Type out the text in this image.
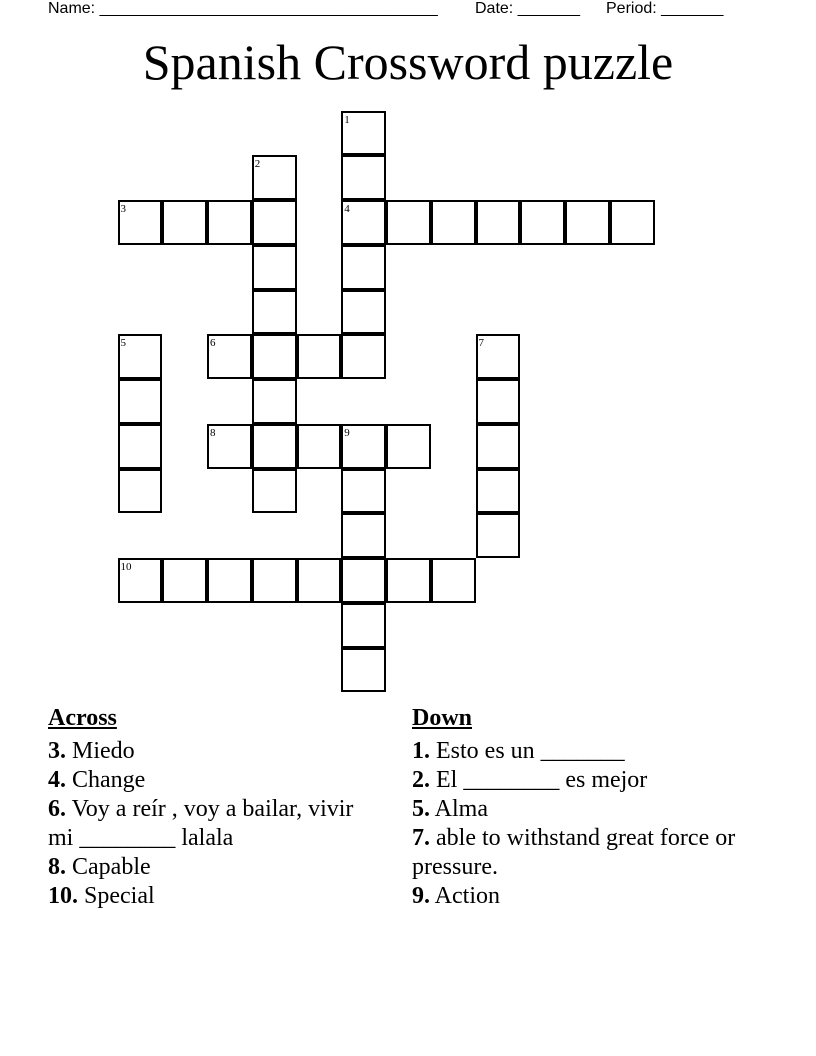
Name: ______________________________________

Date: _______

Period: _______

Spanish Crossword puzzle
1
2
3	4
5	6	7
8	9
10
Across

3. Miedo

4. Change

6. Voy a reír , voy a bailar, vivir mi ________ lalala

8. Capable

10. Special

Down

1. Esto es un _______

2. El ________ es mejor

5. Alma

7. able to withstand great force or pressure.

9. Action
